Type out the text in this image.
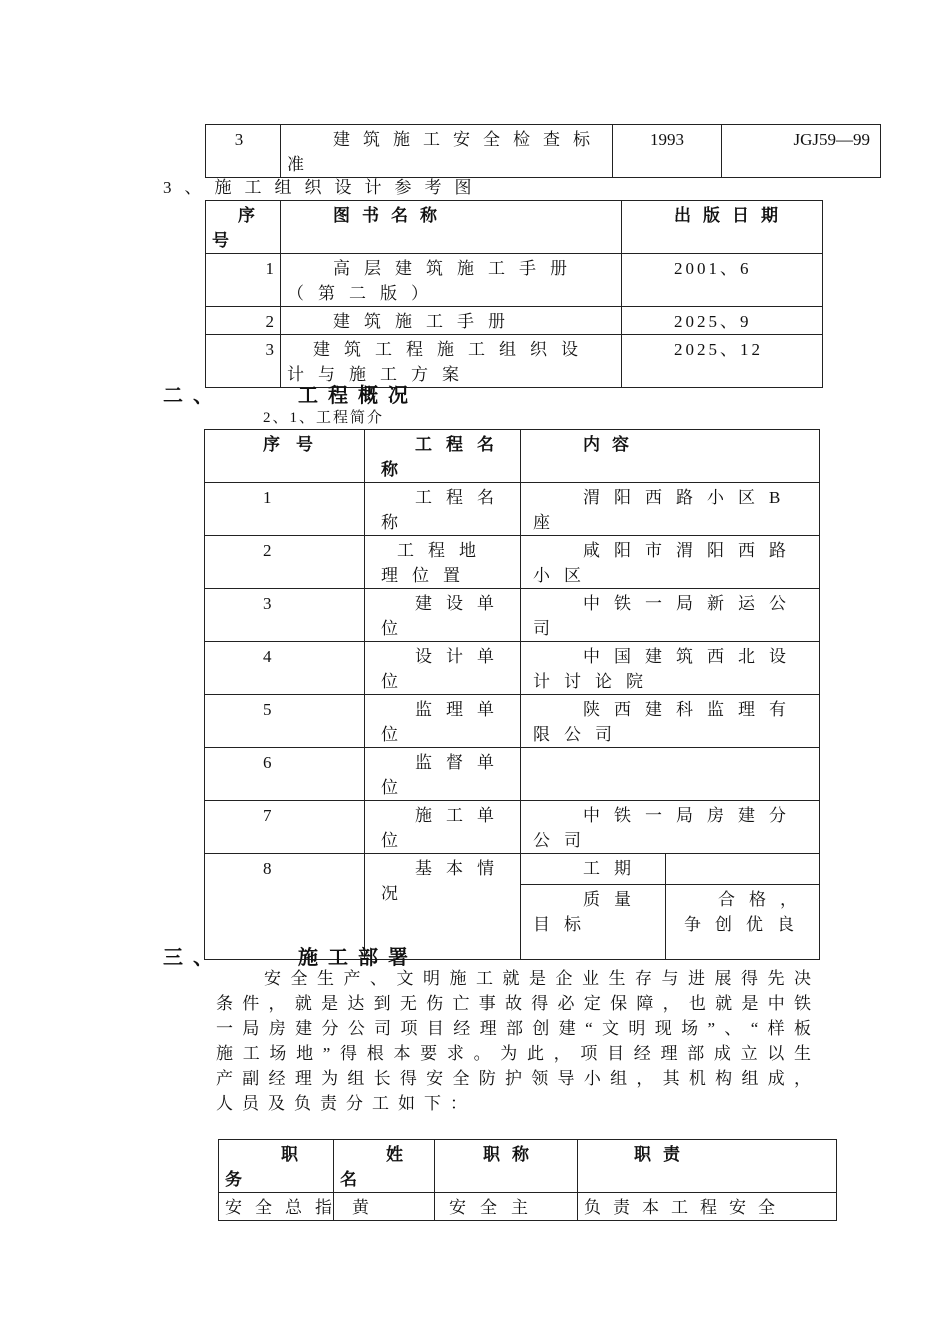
3	建筑施工安全检查标准	1993	JGJ59—99
3、施工组织设计参考图
序号	图书名称	出版日期
1	高层建筑施工手册（第二版）	2001、6
2	建筑施工手册	2025、9
3	建筑工程施工组织设计与施工方案	2025、12
二、	工程概况
2、1、工程简介
序号	工程名称	内容	
1	工程名称	渭阳西路小区B座	
2	工程地理位置	咸阳市渭阳西路小区	
3	建设单位	中铁一局新运公司	
4	设计单位	中国建筑西北设计讨论院	
5	监理单位	陕西建科监理有限公司	
6	监督单位		
7	施工单位	中铁一局房建分公司	
8	基本情况	工期	
		质量目标	合格，争创优良
三、	施工部署
安全生产、文明施工就是企业生存与进展得先决条件，就是达到无伤亡事故得必定保障，也就是中铁一局房建分公司项目经理部创建“文明现场”、“样板施工场地”得根本要求。为此，项目经理部成立以生产副经理为组长得安全防护领导小组，其机构组成，人员及负责分工如下：
职务	姓名	职称	职责
安全总指	黄	安全主	负责本工程安全
